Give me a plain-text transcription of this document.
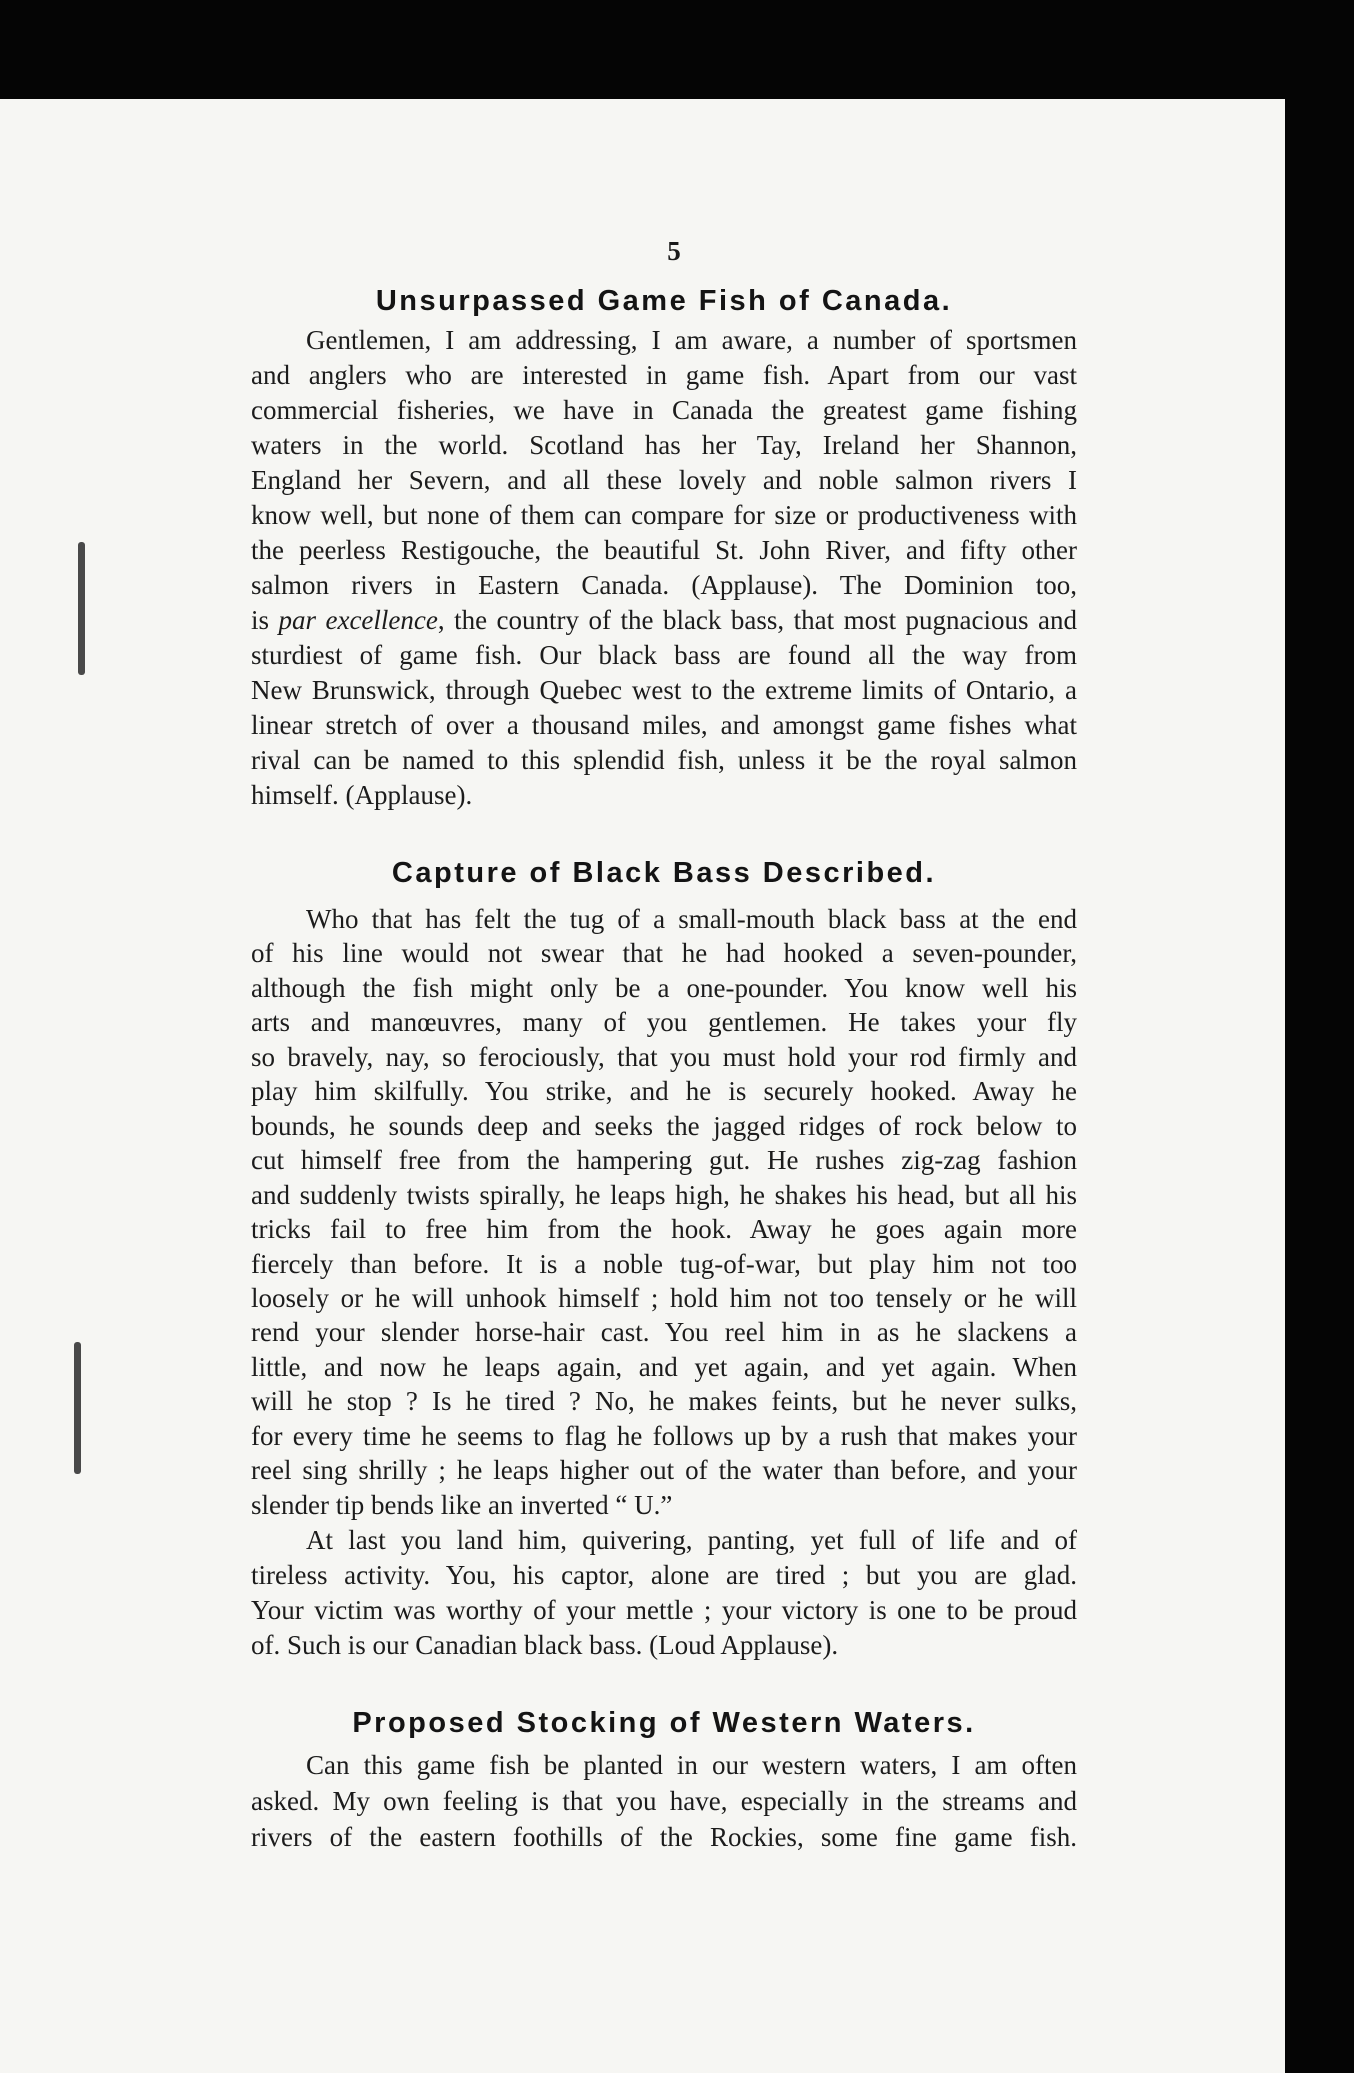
5
Unsurpassed Game Fish of Canada.
Gentlemen, I am addressing, I am aware, a number of sportsmen
and anglers who are interested in game fish. Apart from our vast
commercial fisheries, we have in Canada the greatest game fishing
waters in the world. Scotland has her Tay, Ireland her Shannon,
England her Severn, and all these lovely and noble salmon rivers I
know well, but none of them can compare for size or productiveness with
the peerless Restigouche, the beautiful St. John River, and fifty other
salmon rivers in Eastern Canada. (Applause). The Dominion too,
is par excellence, the country of the black bass, that most pugnacious and
sturdiest of game fish. Our black bass are found all the way from
New Brunswick, through Quebec west to the extreme limits of Ontario, a
linear stretch of over a thousand miles, and amongst game fishes what
rival can be named to this splendid fish, unless it be the royal salmon
himself. (Applause).
Capture of Black Bass Described.
Who that has felt the tug of a small-mouth black bass at the end
of his line would not swear that he had hooked a seven-pounder,
although the fish might only be a one-pounder. You know well his
arts and manœuvres, many of you gentlemen. He takes your fly
so bravely, nay, so ferociously, that you must hold your rod firmly and
play him skilfully. You strike, and he is securely hooked. Away he
bounds, he sounds deep and seeks the jagged ridges of rock below to
cut himself free from the hampering gut. He rushes zig-zag fashion
and suddenly twists spirally, he leaps high, he shakes his head, but all his
tricks fail to free him from the hook. Away he goes again more
fiercely than before. It is a noble tug-of-war, but play him not too
loosely or he will unhook himself ; hold him not too tensely or he will
rend your slender horse-hair cast. You reel him in as he slackens a
little, and now he leaps again, and yet again, and yet again. When
will he stop ? Is he tired ? No, he makes feints, but he never sulks,
for every time he seems to flag he follows up by a rush that makes your
reel sing shrilly ; he leaps higher out of the water than before, and your
slender tip bends like an inverted “ U.”
At last you land him, quivering, panting, yet full of life and of
tireless activity. You, his captor, alone are tired ; but you are glad.
Your victim was worthy of your mettle ; your victory is one to be proud
of. Such is our Canadian black bass. (Loud Applause).
Proposed Stocking of Western Waters.
Can this game fish be planted in our western waters, I am often
asked. My own feeling is that you have, especially in the streams and
rivers of the eastern foothills of the Rockies, some fine game fish.
